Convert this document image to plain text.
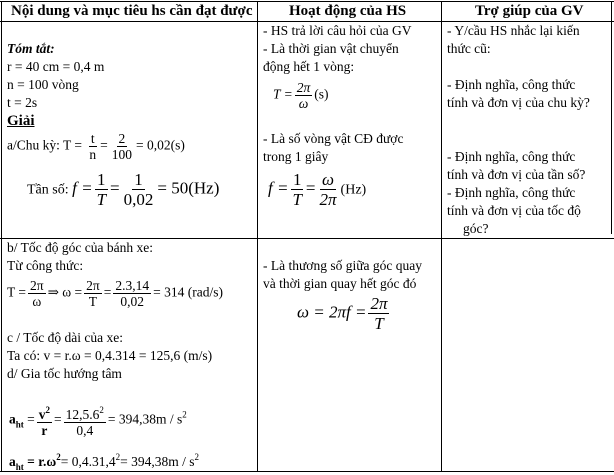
Nội dung và mục tiêu hs cần đạt được Hoạt động của HS	Trợ giúp của GV
Tóm tắt:
r = 40 cm = 0,4 m
n = 100 vòng
t = 2s
Giải
a/Chu kỳ: $T = \frac{t}{n} = \frac{2}{100} = 0,02(s)$
Tần số: $f = \frac{1}{T} = \frac{1}{0,02} = 50(Hz)$
- HS trả lời câu hỏi của GV
- Là thời gian vật chuyển
động hết 1 vòng:
$T = \frac{2\pi}{\omega} (s)$
- Là số vòng vật CĐ được
trong 1 giây
$f = \frac{1}{T} = \frac{\omega}{2\pi} (Hz)$
- Y/cầu HS nhắc lại kiến
thức cũ:
- Định nghĩa, công thức
tính và đơn vị của chu kỳ?
- Định nghĩa, công thức
tính và đơn vị của tần số?
- Định nghĩa, công thức
tính và đơn vị của tốc độ
góc?
b/ Tốc độ góc của bánh xe:
Từ công thức:
$T = \frac{2\pi}{\omega}$ ⇒ $\omega = \frac{2\pi}{T} = \frac{2.3,14}{0,02} = 314$ (rad/s)
c / Tốc độ dài của xe:
Ta có: v = r.ω = 0,4.314 = 125,6 (m/s)
d/ Gia tốc hướng tâm
$a_{ht} = \frac{v^2}{r} = \frac{12,5.6^2}{0,4} = 394,38m / s^2$
$a_{ht} = r.\omega^2= 0,4.31,4^2= 394,38m / s^2$
- Là thương số giữa góc quay
và thời gian quay hết góc đó
$\omega = 2\pi f = \frac{2\pi}{T}$
